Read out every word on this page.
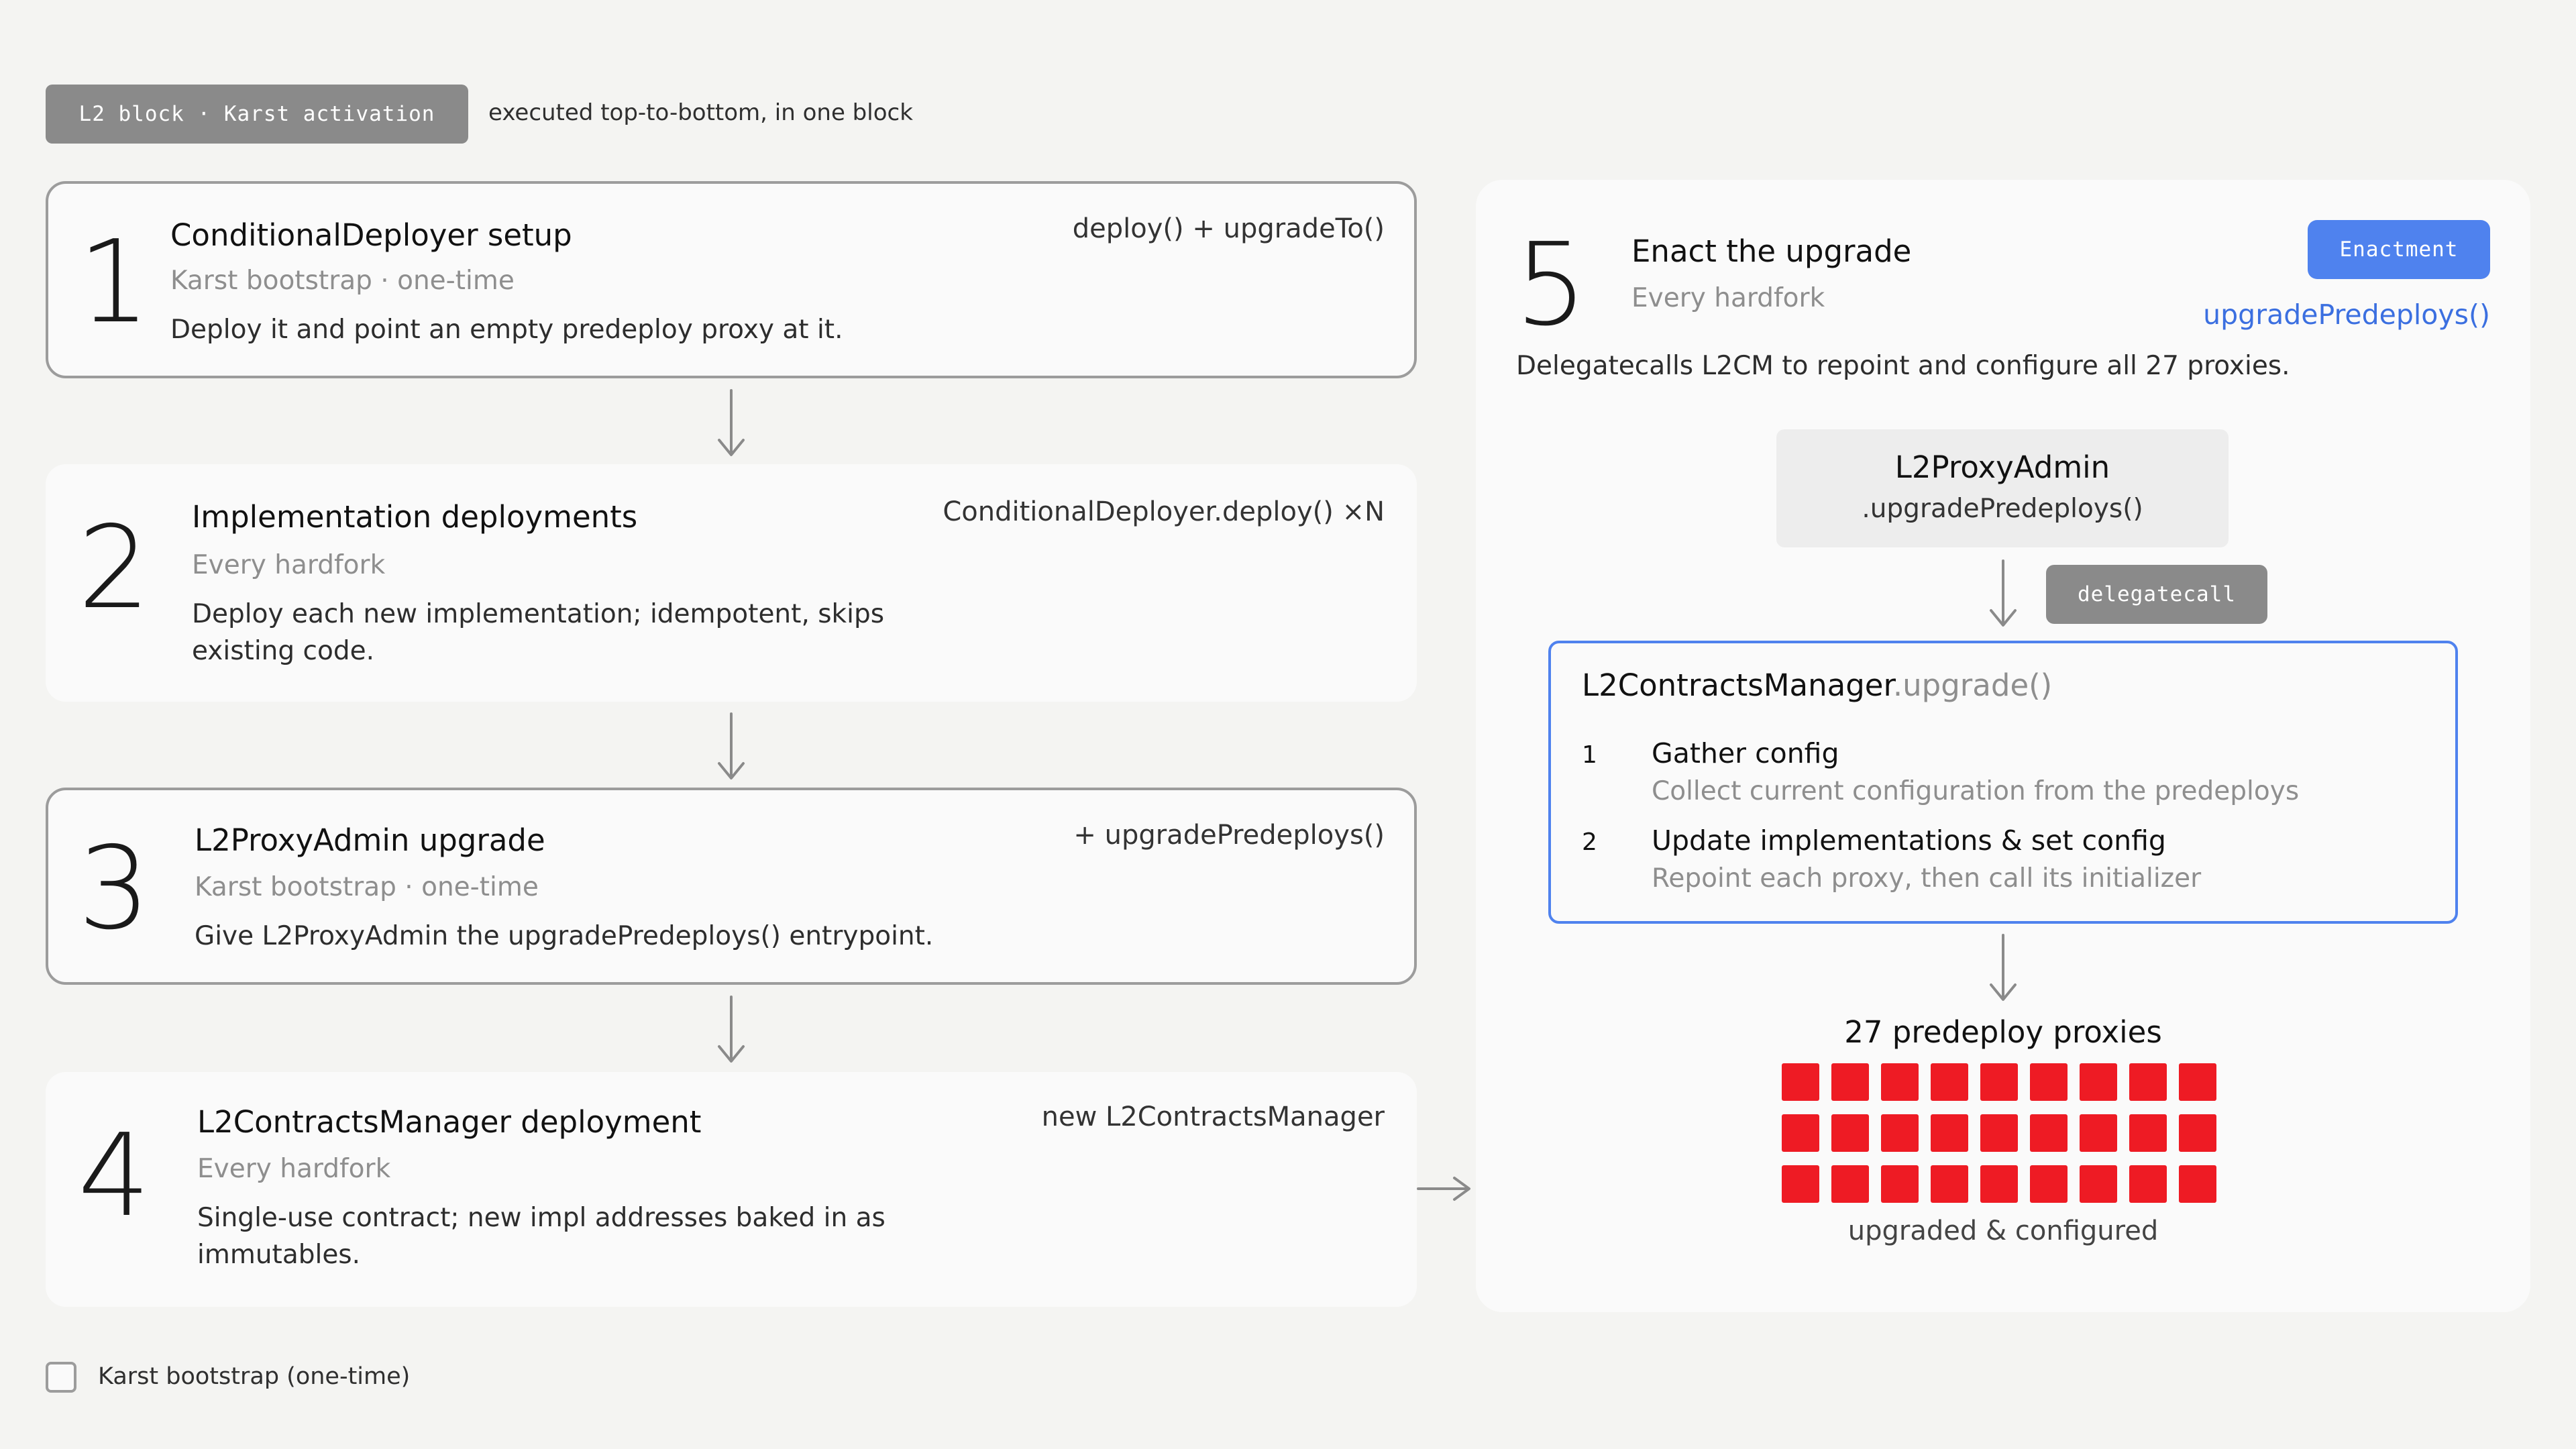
L2 block · Karst activation	executed top-to-bottom, in one block
1 ConditionalDeployer setup
Karst bootstrap · one-time
Deploy it and point an empty predeploy proxy at it.
deploy() + upgradeTo()
2 Implementation deployments
Every hardfork
Deploy each new implementation; idempotent, skips existing code.
ConditionalDeployer.deploy() ×N
3 L2ProxyAdmin upgrade
Karst bootstrap · one-time
Give L2ProxyAdmin the upgradePredeploys() entrypoint.
+ upgradePredeploys()
4 L2ContractsManager deployment
Every hardfork
Single-use contract; new impl addresses baked in as immutables.
new L2ContractsManager
5 Enact the upgrade
Every hardfork
Delegatecalls L2CM to repoint and configure all 27 proxies.
Enactment
upgradePredeploys()
L2ProxyAdmin
.upgradePredeploys()
delegatecall
L2ContractsManager.upgrade()
1 Gather config
Collect current configuration from the predeploys
2 Update implementations & set config
Repoint each proxy, then call its initializer
27 predeploy proxies
upgraded & configured
Karst bootstrap (one-time)
